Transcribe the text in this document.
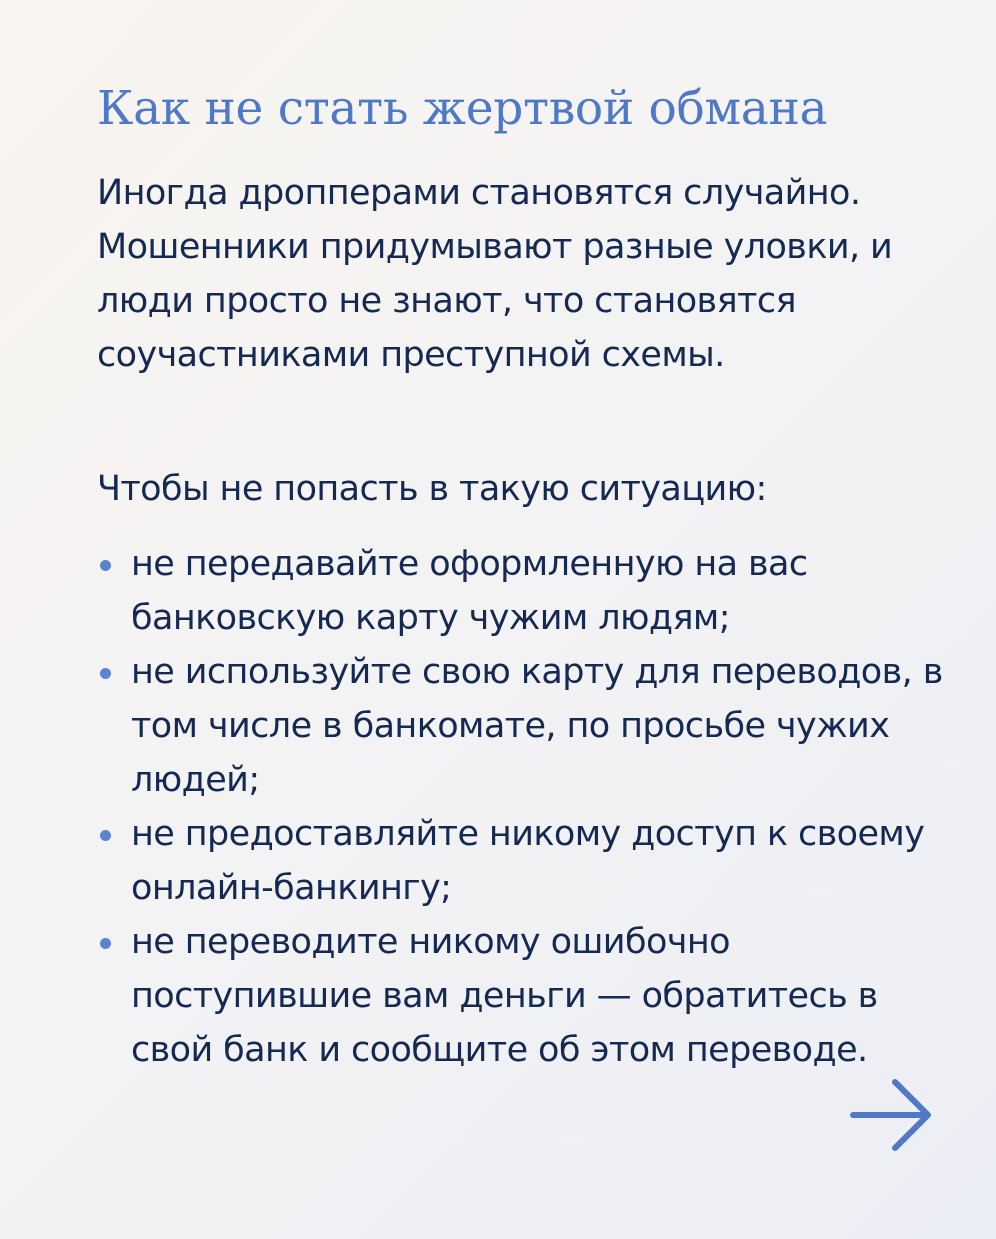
Как не стать жертвой обмана

Иногда дропперами становятся случайно. Мошенники придумывают разные уловки, и люди просто не знают, что становятся соучастниками преступной схемы.

Чтобы не попасть в такую ситуацию:

не передавайте оформленную на вас банковскую карту чужим людям;
не используйте свою карту для переводов, в том числе в банкомате, по просьбе чужих людей;
не предоставляйте никому доступ к своему онлайн-банкингу;
не переводите никому ошибочно поступившие вам деньги — обратитесь в свой банк и сообщите об этом переводе.
